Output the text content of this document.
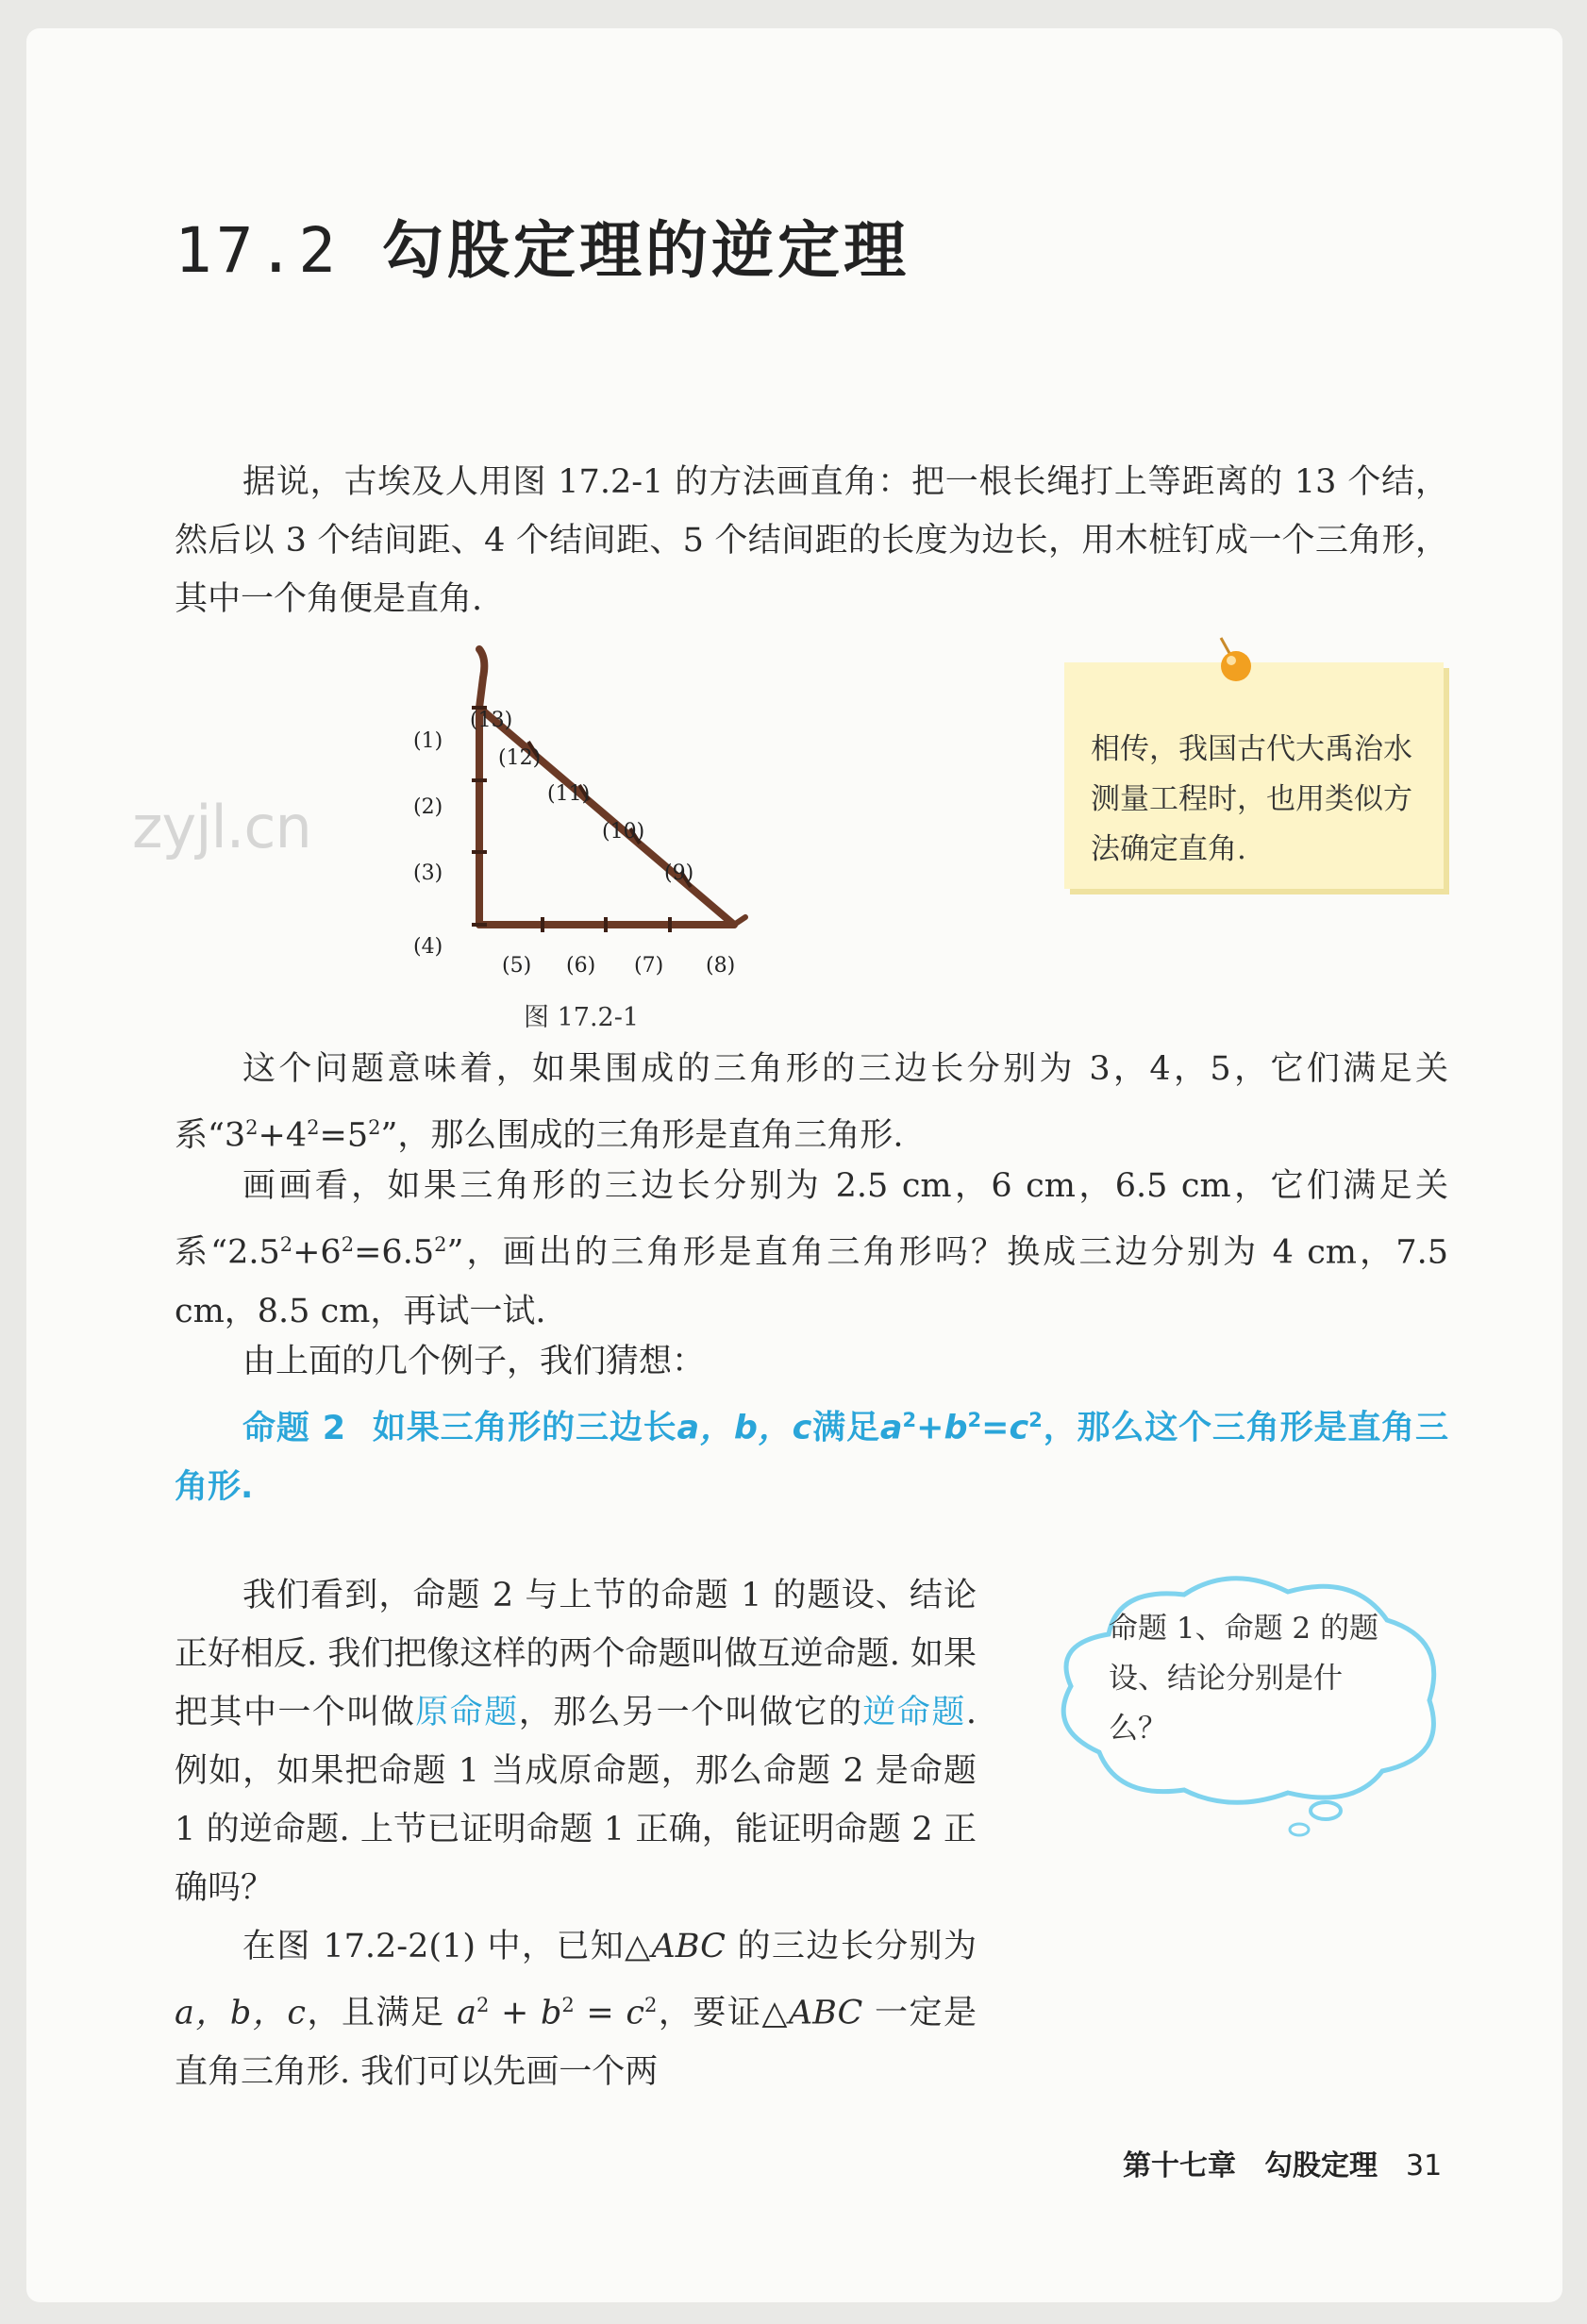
17.2 勾股定理的逆定理

据说，古埃及人用图 17.2-1 的方法画直角：把一根长绳打上等距离的 13 个结，然后以 3 个结间距、4 个结间距、5 个结间距的长度为边长，用木桩钉成一个三角形，其中一个角便是直角.

(1)
(2)
(3)
(4)
(5) (6) (7) (8)
(9)
(10)
(11)
(12)
(13)
图 17.2-1
zyjl.cn
相传，我国古代大禹治水测量工程时，也用类似方法确定直角.

这个问题意味着，如果围成的三角形的三边长分别为 3，4，5，它们满足关系“$3^2+4^2=5^2$”，那么围成的三角形是直角三角形.

画画看，如果三角形的三边长分别为 2.5 cm，6 cm，6.5 cm，它们满足关系“$2.5^2+6^2=6.5^2$”，画出的三角形是直角三角形吗？换成三边分别为 4 cm，7.5 cm，8.5 cm，再试一试.

由上面的几个例子，我们猜想：

命题 2 如果三角形的三边长a，b，c满足$a^2+b^2=c^2$，那么这个三角形是直角三角形.

我们看到，命题 2 与上节的命题 1 的题设、结论正好相反. 我们把像这样的两个命题叫做互逆命题. 如果把其中一个叫做原命题，那么另一个叫做它的逆命题. 例如，如果把命题 1 当成原命题，那么命题 2 是命题 1 的逆命题. 上节已证明命题 1 正确，能证明命题 2 正确吗？

在图 17.2-2(1) 中，已知△ABC 的三边长分别为 a，b，c，且满足 $a^2 + b^2 = c^2$，要证△ABC 一定是直角三角形. 我们可以先画一个两

命题 1、命题 2 的题设、结论分别是什么？
第十七章　勾股定理 31
